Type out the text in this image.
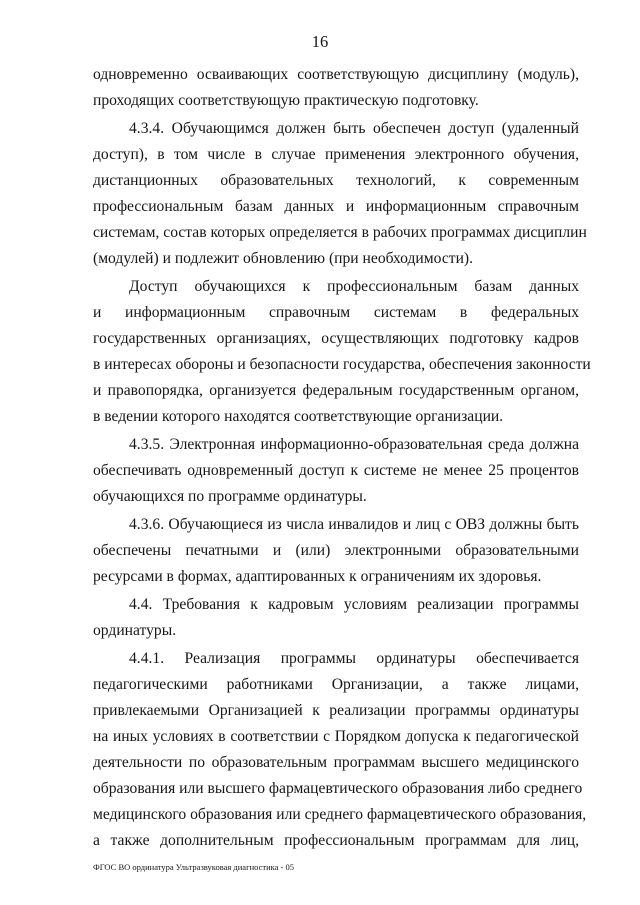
16
одновременно осваивающих соответствующую дисциплину (модуль),
проходящих соответствующую практическую подготовку.
4.3.4. Обучающимся должен быть обеспечен доступ (удаленный
доступ), в том числе в случае применения электронного обучения,
дистанционных образовательных технологий, к современным
профессиональным базам данных и информационным справочным
системам, состав которых определяется в рабочих программах дисциплин
(модулей) и подлежит обновлению (при необходимости).
Доступ обучающихся к профессиональным базам данных
и информационным справочным системам в федеральных
государственных организациях, осуществляющих подготовку кадров
в интересах обороны и безопасности государства, обеспечения законности
и правопорядка, организуется федеральным государственным органом,
в ведении которого находятся соответствующие организации.
4.3.5. Электронная информационно-образовательная среда должна
обеспечивать одновременный доступ к системе не менее 25 процентов
обучающихся по программе ординатуры.
4.3.6. Обучающиеся из числа инвалидов и лиц с ОВЗ должны быть
обеспечены печатными и (или) электронными образовательными
ресурсами в формах, адаптированных к ограничениям их здоровья.
4.4. Требования к кадровым условиям реализации программы
ординатуры.
4.4.1. Реализация программы ординатуры обеспечивается
педагогическими работниками Организации, а также лицами,
привлекаемыми Организацией к реализации программы ординатуры
на иных условиях в соответствии с Порядком допуска к педагогической
деятельности по образовательным программам высшего медицинского
образования или высшего фармацевтического образования либо среднего
медицинского образования или среднего фармацевтического образования,
а также дополнительным профессиональным программам для лиц,
ФГОС ВО ординатура Ультразвуковая диагностика - 05
